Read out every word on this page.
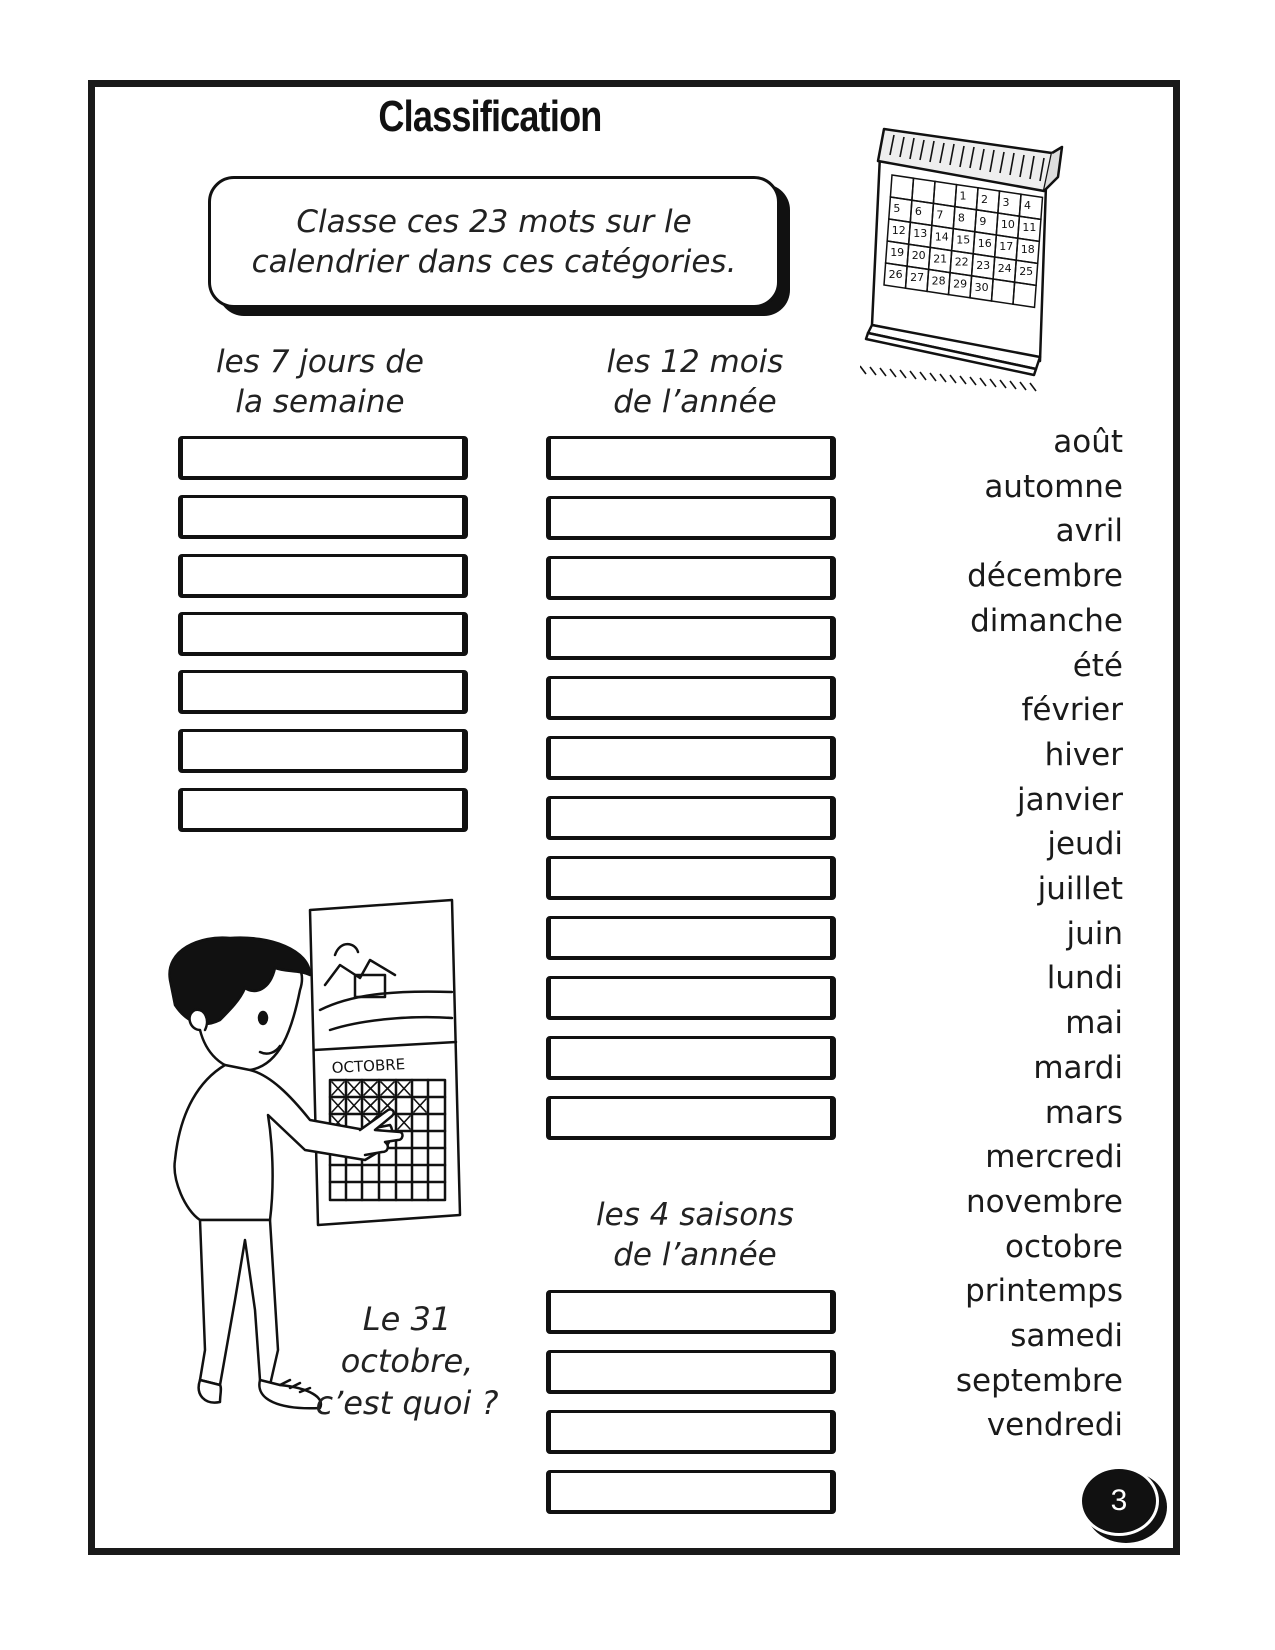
Classification
Classe ces 23 mots sur le
calendrier dans ces catégories.
1 2 3 4
5 6 7 8 9 10 11
12 13 14 15 16 17 18
19 20 21 22 23 24 25
26 27 28 29 30
les 7 jours de
la semaine
les 12 mois
de l’année
les 4 saisons
de l’année
août
automne
avril
décembre
dimanche
été
février
hiver
janvier
jeudi
juillet
juin
lundi
mai
mardi
mars
mercredi
novembre
octobre
printemps
samedi
septembre
vendredi
OCTOBRE
Le 31
octobre,
c’est quoi ?
3
